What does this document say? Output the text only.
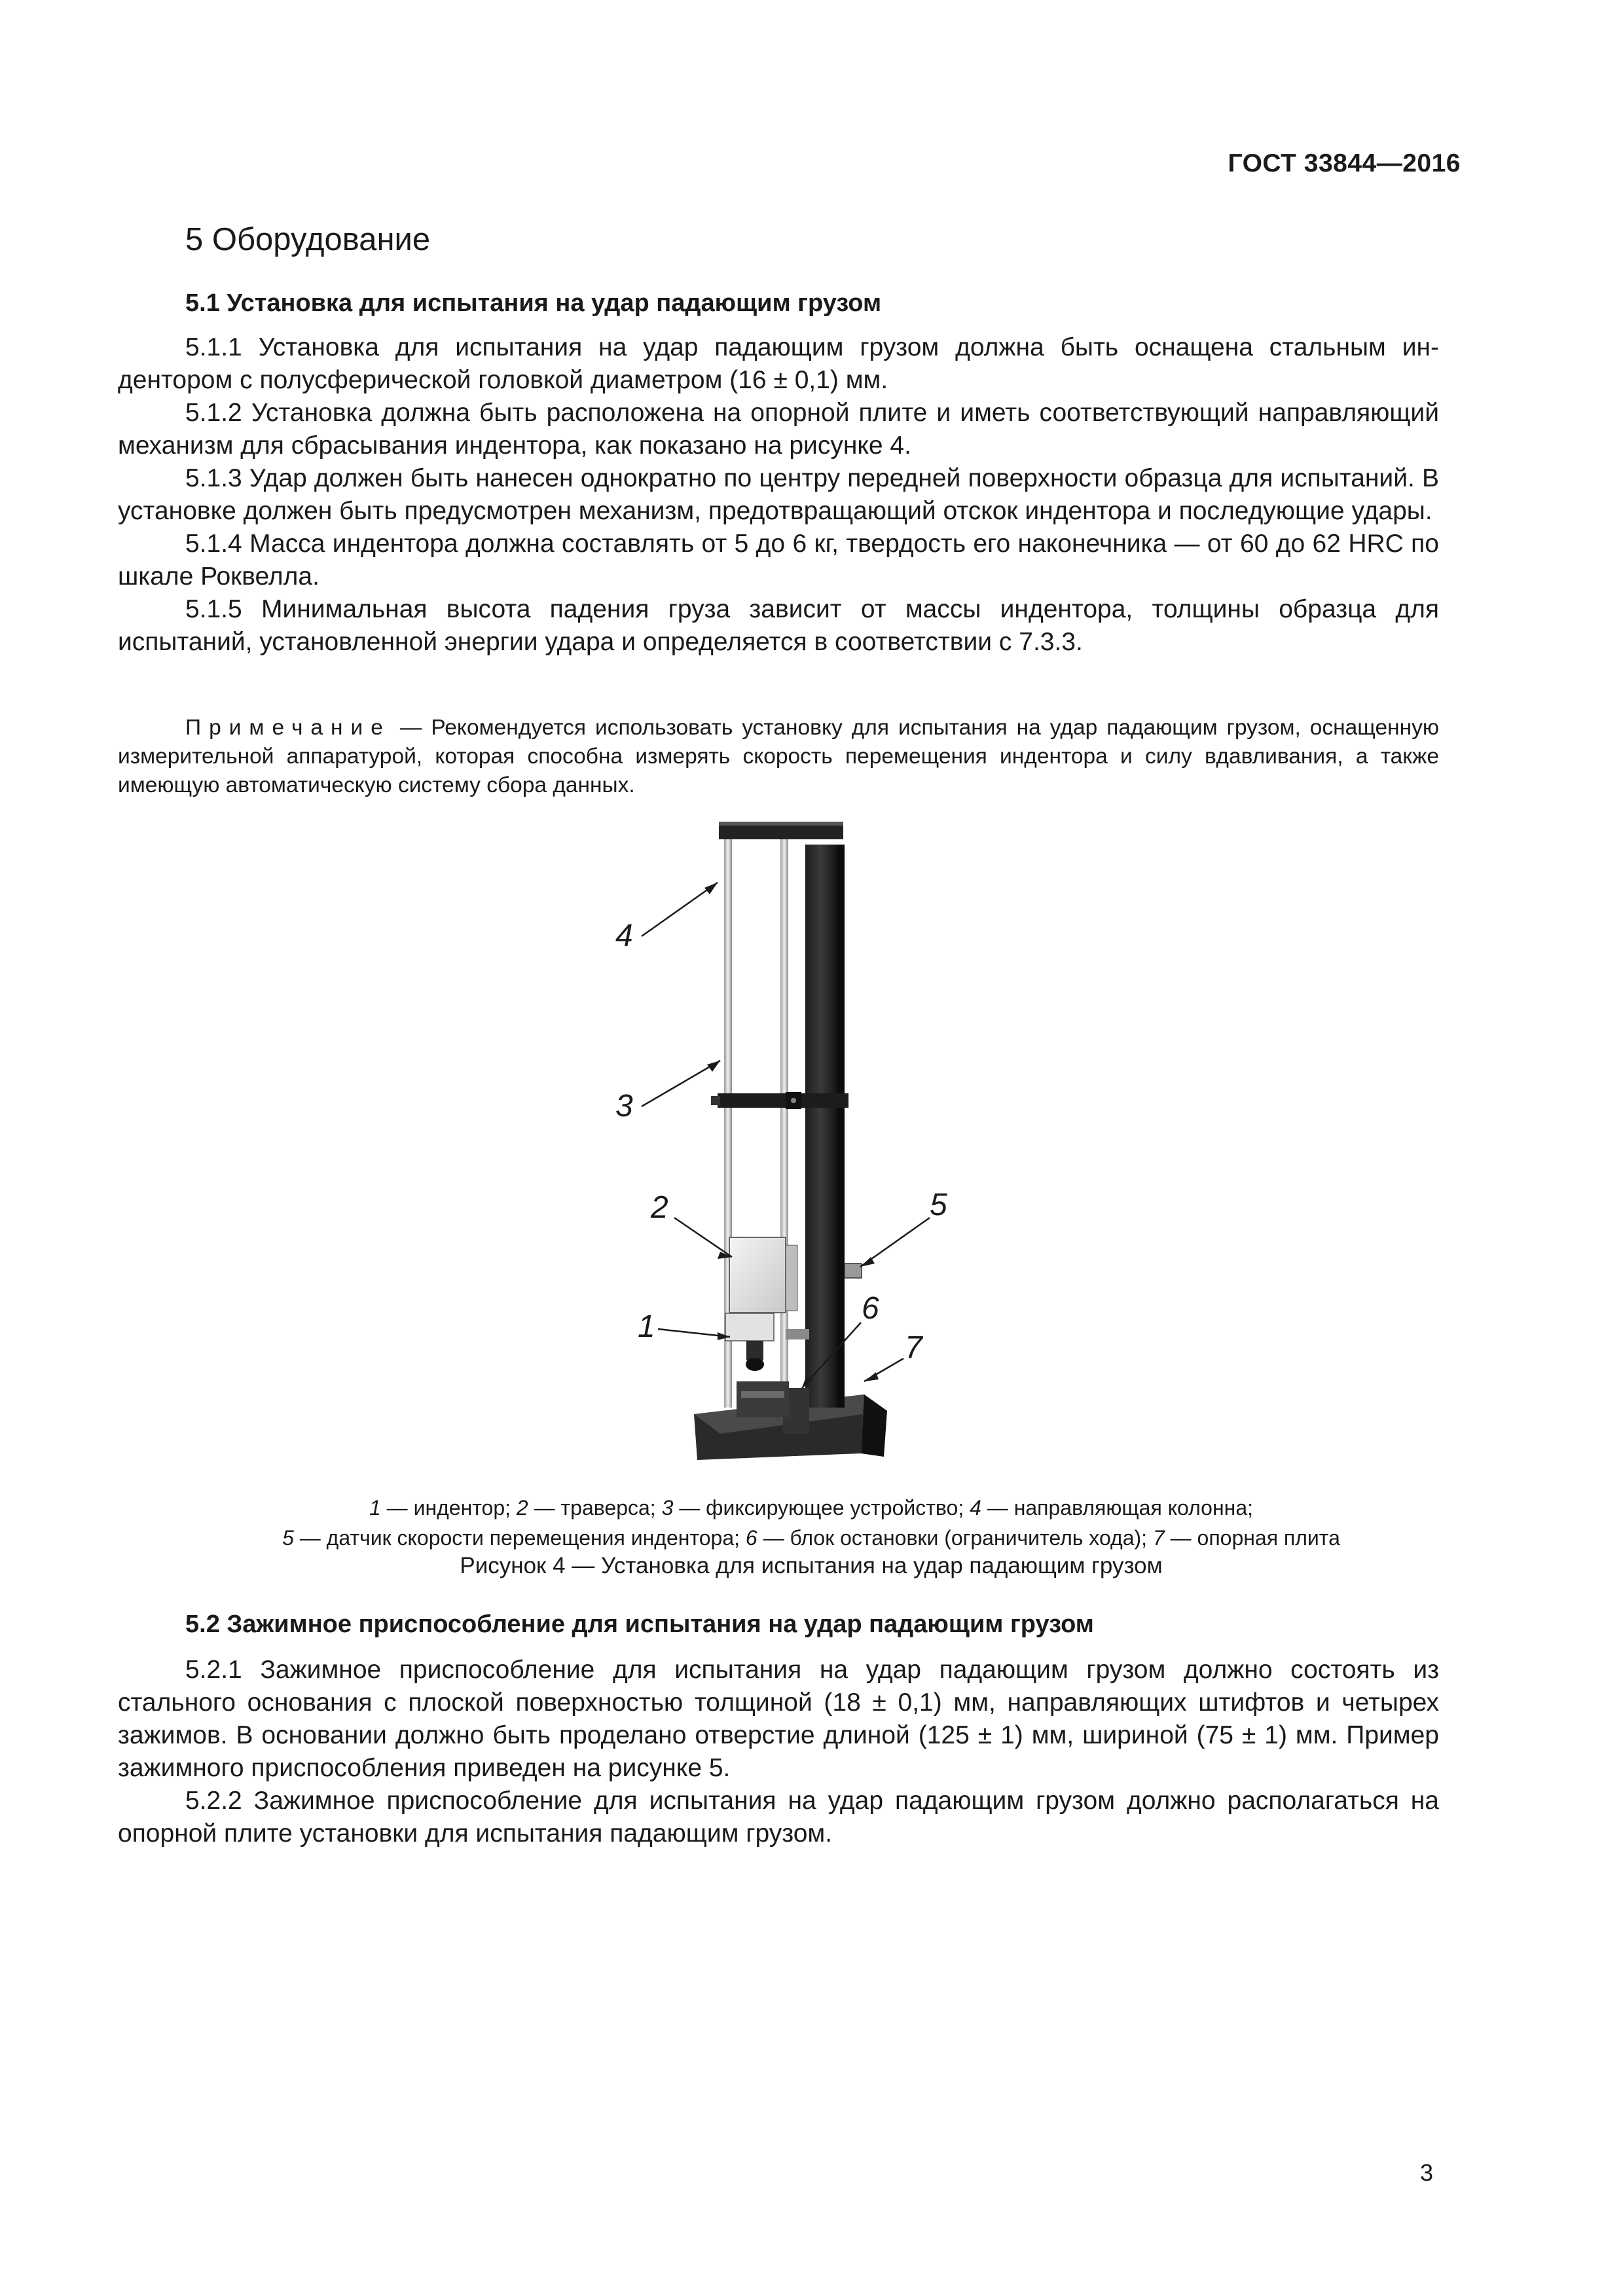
ГОСТ 33844—2016
5 Оборудование
5.1 Установка для испытания на удар падающим грузом

5.1.1 Установка для испытания на удар падающим грузом должна быть оснащена стальным ин-дентором с полусферической головкой диаметром (16 ± 0,1) мм.

5.1.2 Установка должна быть расположена на опорной плите и иметь соответствующий направляющий механизм для сбрасывания индентора, как показано на рисунке 4.

5.1.3 Удар должен быть нанесен однократно по центру передней поверхности образца для испытаний. В установке должен быть предусмотрен механизм, предотвращающий отскок индентора и последующие удары.

5.1.4 Масса индентора должна составлять от 5 до 6 кг, твердость его наконечника — от 60 до 62 HRC по шкале Роквелла.

5.1.5 Минимальная высота падения груза зависит от массы индентора, толщины образца для испытаний, установленной энергии удара и определяется в соответствии с 7.3.3.

Примечание — Рекомендуется использовать установку для испытания на удар падающим грузом, оснащенную измерительной аппаратурой, которая способна измерять скорость перемещения индентора и силу вдавливания, а также имеющую автоматическую систему сбора данных.

4
3
2	5
1
6
7
1 — индентор; 2 — траверса; 3 — фиксирующее устройство; 4 — направляющая колонна;
5 — датчик скорости перемещения индентора; 6 — блок остановки (ограничитель хода); 7 — опорная плита
Рисунок 4 — Установка для испытания на удар падающим грузом
5.2 Зажимное приспособление для испытания на удар падающим грузом

5.2.1 Зажимное приспособление для испытания на удар падающим грузом должно состоять из стального основания с плоской поверхностью толщиной (18 ± 0,1) мм, направляющих штифтов и четырех зажимов. В основании должно быть проделано отверстие длиной (125 ± 1) мм, шириной (75 ± 1) мм. Пример зажимного приспособления приведен на рисунке 5.

5.2.2 Зажимное приспособление для испытания на удар падающим грузом должно располагаться на опорной плите установки для испытания падающим грузом.

3
